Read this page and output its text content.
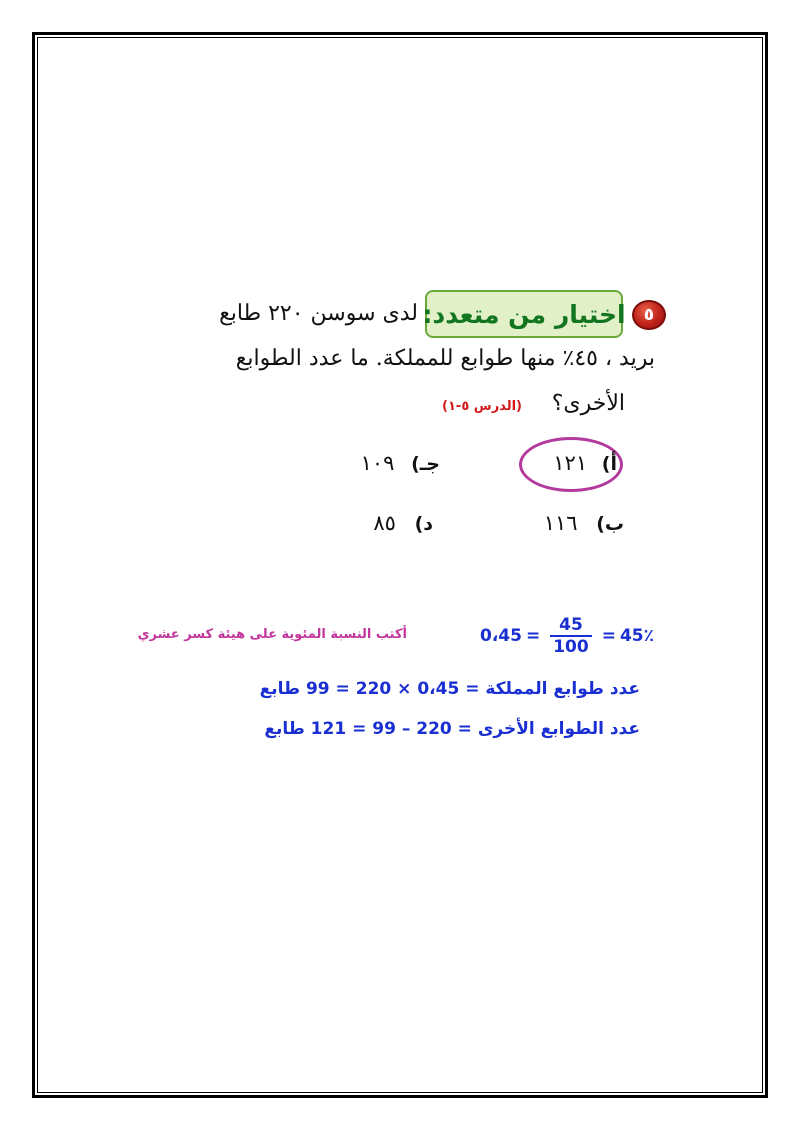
٥
اختيار من متعدد:
لدى سوسن ٢٢٠ طابع
بريد ، ٤٥٪ منها طوابع للمملكة. ما عدد الطوابع
الأخرى؟
(الدرس ٥-١)
أ) ١٢١
جـ) ١٠٩
ب) ١١٦
د) ٨٥
0،45 = $\frac{45}{100}$ = 45٪
أكتب النسبة المئوية على هيئة كسر عشري
عدد طوابع المملكة = 0،45 × 220 = 99 طابع
عدد الطوابع الأخرى = 220 – 99 = 121 طابع
